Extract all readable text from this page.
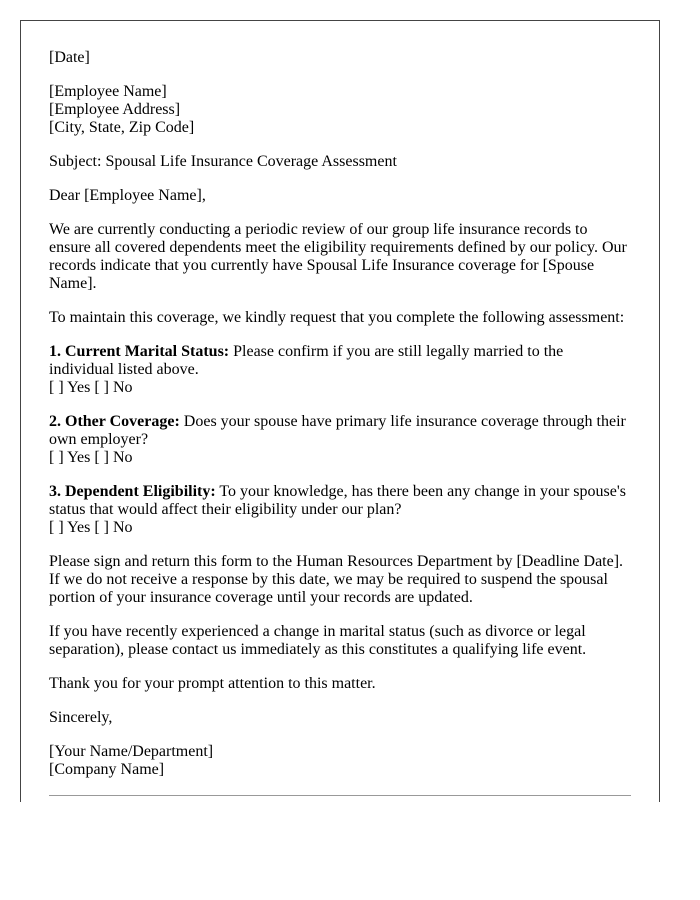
[Date]

[Employee Name]
[Employee Address]
[City, State, Zip Code]

Subject: Spousal Life Insurance Coverage Assessment

Dear [Employee Name],

We are currently conducting a periodic review of our group life insurance records to ensure all covered dependents meet the eligibility requirements defined by our policy. Our records indicate that you currently have Spousal Life Insurance coverage for [Spouse Name].

To maintain this coverage, we kindly request that you complete the following assessment:

1. Current Marital Status: Please confirm if you are still legally married to the individual listed above.
[ ] Yes [ ] No

2. Other Coverage: Does your spouse have primary life insurance coverage through their own employer?
[ ] Yes [ ] No

3. Dependent Eligibility: To your knowledge, has there been any change in your spouse's status that would affect their eligibility under our plan?
[ ] Yes [ ] No

Please sign and return this form to the Human Resources Department by [Deadline Date]. If we do not receive a response by this date, we may be required to suspend the spousal portion of your insurance coverage until your records are updated.

If you have recently experienced a change in marital status (such as divorce or legal separation), please contact us immediately as this constitutes a qualifying life event.

Thank you for your prompt attention to this matter.

Sincerely,

[Your Name/Department]
[Company Name]
